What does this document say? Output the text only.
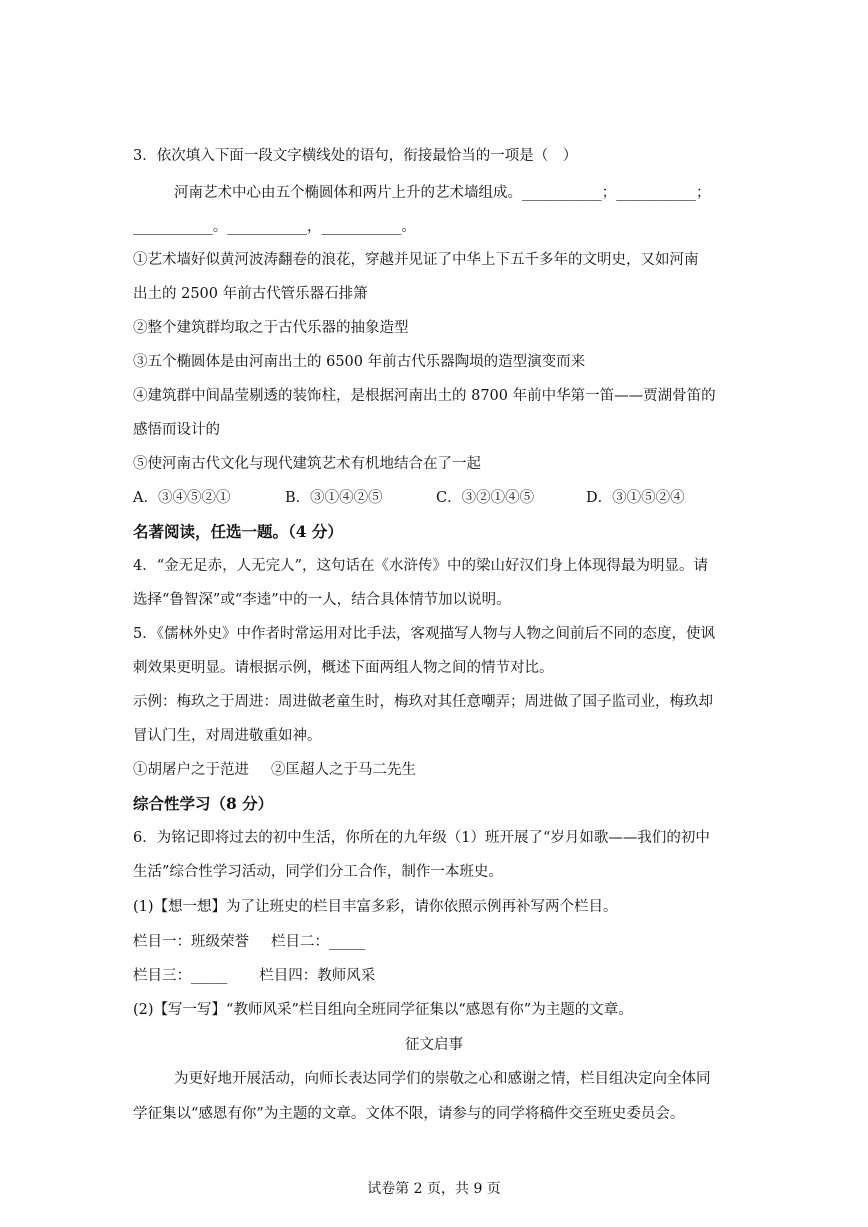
3．依次填入下面一段文字横线处的语句，衔接最恰当的一项是（　）
河南艺术中心由五个椭圆体和两片上升的艺术墙组成。___________；___________；
___________。___________，___________。
①艺术墙好似黄河波涛翻卷的浪花，穿越并见证了中华上下五千多年的文明史，又如河南
出土的 2500 年前古代管乐器石排箫
②整个建筑群均取之于古代乐器的抽象造型
③五个椭圆体是由河南出土的 6500 年前古代乐器陶埙的造型演变而来
④建筑群中间晶莹剔透的装饰柱，是根据河南出土的 8700 年前中华第一笛——贾湖骨笛的
感悟而设计的
⑤使河南古代文化与现代建筑艺术有机地结合在了一起
A．③④⑤②①	B．③①④②⑤	C．③②①④⑤	D．③①⑤②④
名著阅读，任选一题。（4 分）
4．“金无足赤，人无完人”，这句话在《水浒传》中的梁山好汉们身上体现得最为明显。请
选择“鲁智深”或“李逵”中的一人，结合具体情节加以说明。
5．《儒林外史》中作者时常运用对比手法，客观描写人物与人物之间前后不同的态度，使讽
刺效果更明显。请根据示例，概述下面两组人物之间的情节对比。
示例：梅玖之于周进：周进做老童生时，梅玖对其任意嘲弄；周进做了国子监司业，梅玖却
冒认门生，对周进敬重如神。
①胡屠户之于范进 ②匡超人之于马二先生
综合性学习（8 分）
6．为铭记即将过去的初中生活，你所在的九年级（1）班开展了“岁月如歌——我们的初中
生活”综合性学习活动，同学们分工合作，制作一本班史。
(1)【想一想】为了让班史的栏目丰富多彩，请你依照示例再补写两个栏目。
栏目一：班级荣誉 栏目二：_____
栏目三：_____ 栏目四：教师风采
(2)【写一写】“教师风采”栏目组向全班同学征集以“感恩有你”为主题的文章。
征文启事
为更好地开展活动，向师长表达同学们的崇敬之心和感谢之情，栏目组决定向全体同
学征集以“感恩有你”为主题的文章。文体不限，请参与的同学将稿件交至班史委员会。
试卷第 2 页，共 9 页
